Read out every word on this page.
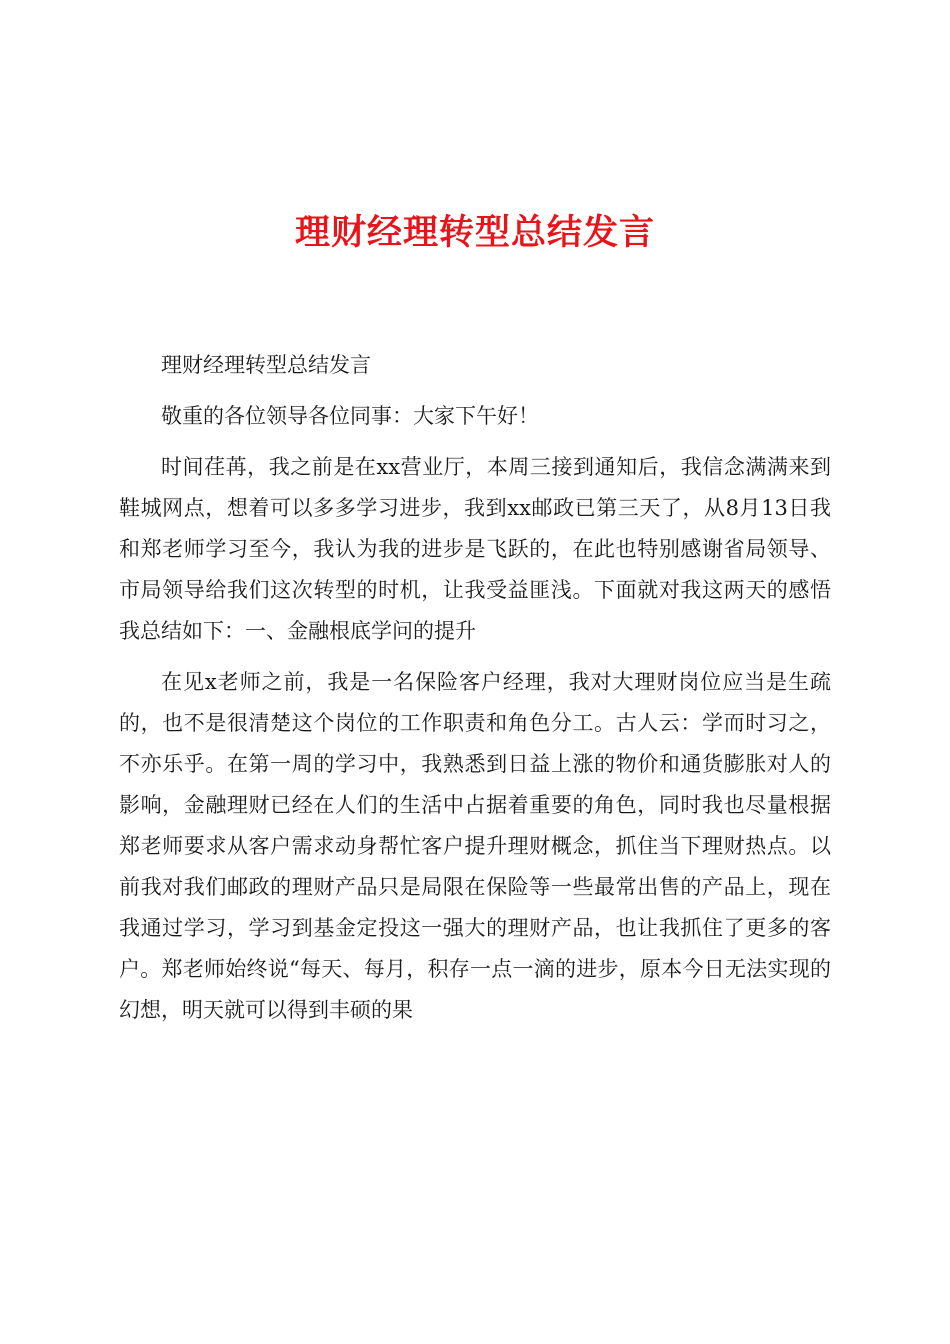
理财经理转型总结发言

理财经理转型总结发言

敬重的各位领导各位同事：大家下午好！

时间荏苒，我之前是在xx营业厅，本周三接到通知后，我信念满满来到鞋城网点，想着可以多多学习进步，我到xx邮政已第三天了，从8月13日我和郑老师学习至今，我认为我的进步是飞跃的，在此也特别感谢省局领导、市局领导给我们这次转型的时机，让我受益匪浅。下面就对我这两天的感悟我总结如下：一、金融根底学问的提升

在见x老师之前，我是一名保险客户经理，我对大理财岗位应当是生疏的，也不是很清楚这个岗位的工作职责和角色分工。古人云：学而时习之，不亦乐乎。在第一周的学习中，我熟悉到日益上涨的物价和通货膨胀对人的影响，金融理财已经在人们的生活中占据着重要的角色，同时我也尽量根据郑老师要求从客户需求动身帮忙客户提升理财概念，抓住当下理财热点。以前我对我们邮政的理财产品只是局限在保险等一些最常出售的产品上，现在我通过学习，学习到基金定投这一强大的理财产品，也让我抓住了更多的客户。郑老师始终说“每天、每月，积存一点一滴的进步，原本今日无法实现的幻想，明天就可以得到丰硕的果
